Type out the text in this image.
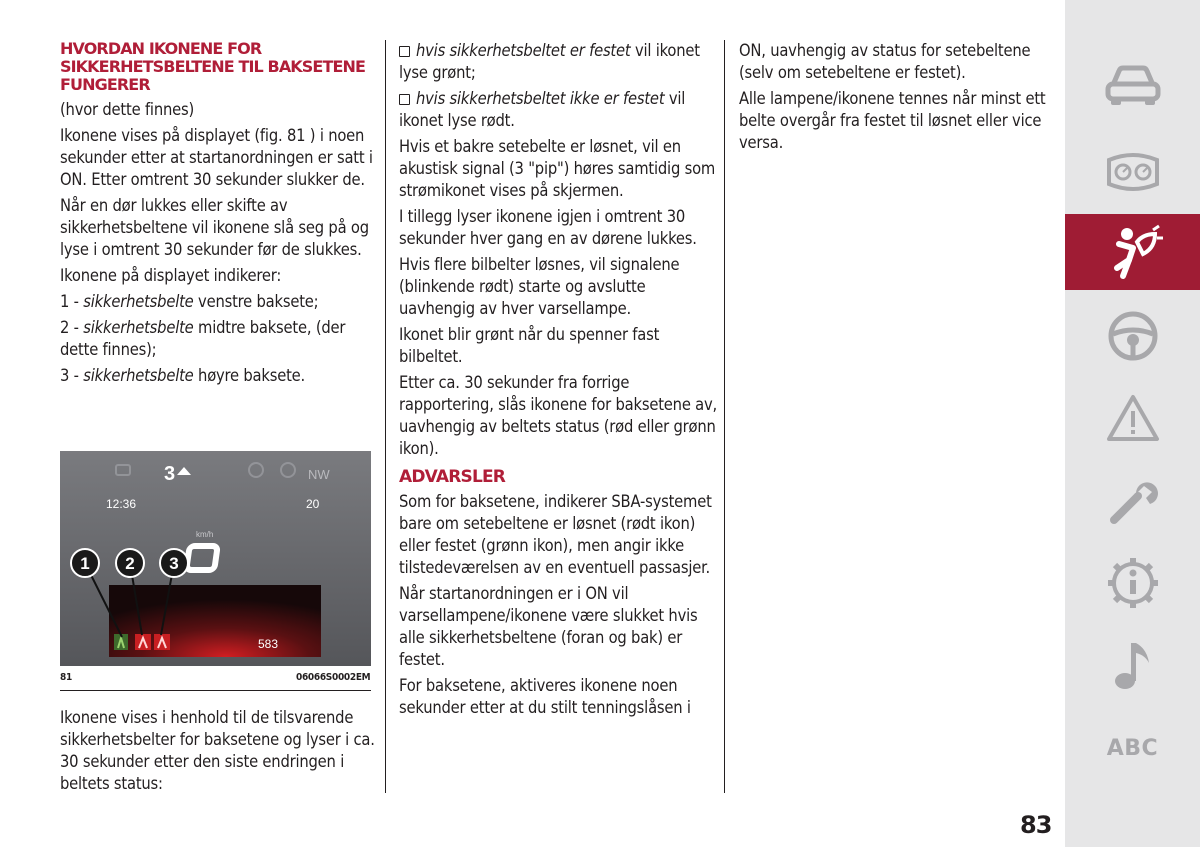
HVORDAN IKONENE FOR SIKKERHETSBELTENE TIL BAKSETENE FUNGERER

(hvor dette finnes)

Ikonene vises på displayet (fig. 81 ) i noen sekunder etter at startanordningen er satt i ON. Etter omtrent 30 sekunder slukker de.

Når en dør lukkes eller skifte av sikkerhetsbeltene vil ikonene slå seg på og lyse i omtrent 30 sekunder før de slukkes.

Ikonene på displayet indikerer:

1 - sikkerhetsbelte venstre baksete;

2 - sikkerhetsbelte midtre baksete, (der dette finnes);

3 - sikkerhetsbelte høyre baksete.

3	NW
12:36	20
km/h
583
1 2 3
81	06066S0002EM

Ikonene vises i henhold til de tilsvarende sikkerhetsbelter for baksetene og lyser i ca. 30 sekunder etter den siste endringen i beltets status:

hvis sikkerhetsbeltet er festet vil ikonet lyse grønt;

hvis sikkerhetsbeltet ikke er festet vil ikonet lyse rødt.

Hvis et bakre setebelte er løsnet, vil en akustisk signal (3 "pip") høres samtidig som strømikonet vises på skjermen.

I tillegg lyser ikonene igjen i omtrent 30 sekunder hver gang en av dørene lukkes.

Hvis flere bilbelter løsnes, vil signalene (blinkende rødt) starte og avslutte uavhengig av hver varsellampe.

Ikonet blir grønt når du spenner fast bilbeltet.

Etter ca. 30 sekunder fra forrige rapportering, slås ikonene for baksetene av, uavhengig av beltets status (rød eller grønn ikon).

ADVARSLER

Som for baksetene, indikerer SBA-systemet bare om setebeltene er løsnet (rødt ikon) eller festet (grønn ikon), men angir ikke tilstedeværelsen av en eventuell passasjer.

Når startanordningen er i ON vil varsellampene/ikonene være slukket hvis alle sikkerhetsbeltene (foran og bak) er festet.

For baksetene, aktiveres ikonene noen sekunder etter at du stilt tenningslåsen i

ON, uavhengig av status for setebeltene (selv om setebeltene er festet).

Alle lampene/ikonene tennes når minst ett belte overgår fra festet til løsnet eller vice versa.

ABC
83
